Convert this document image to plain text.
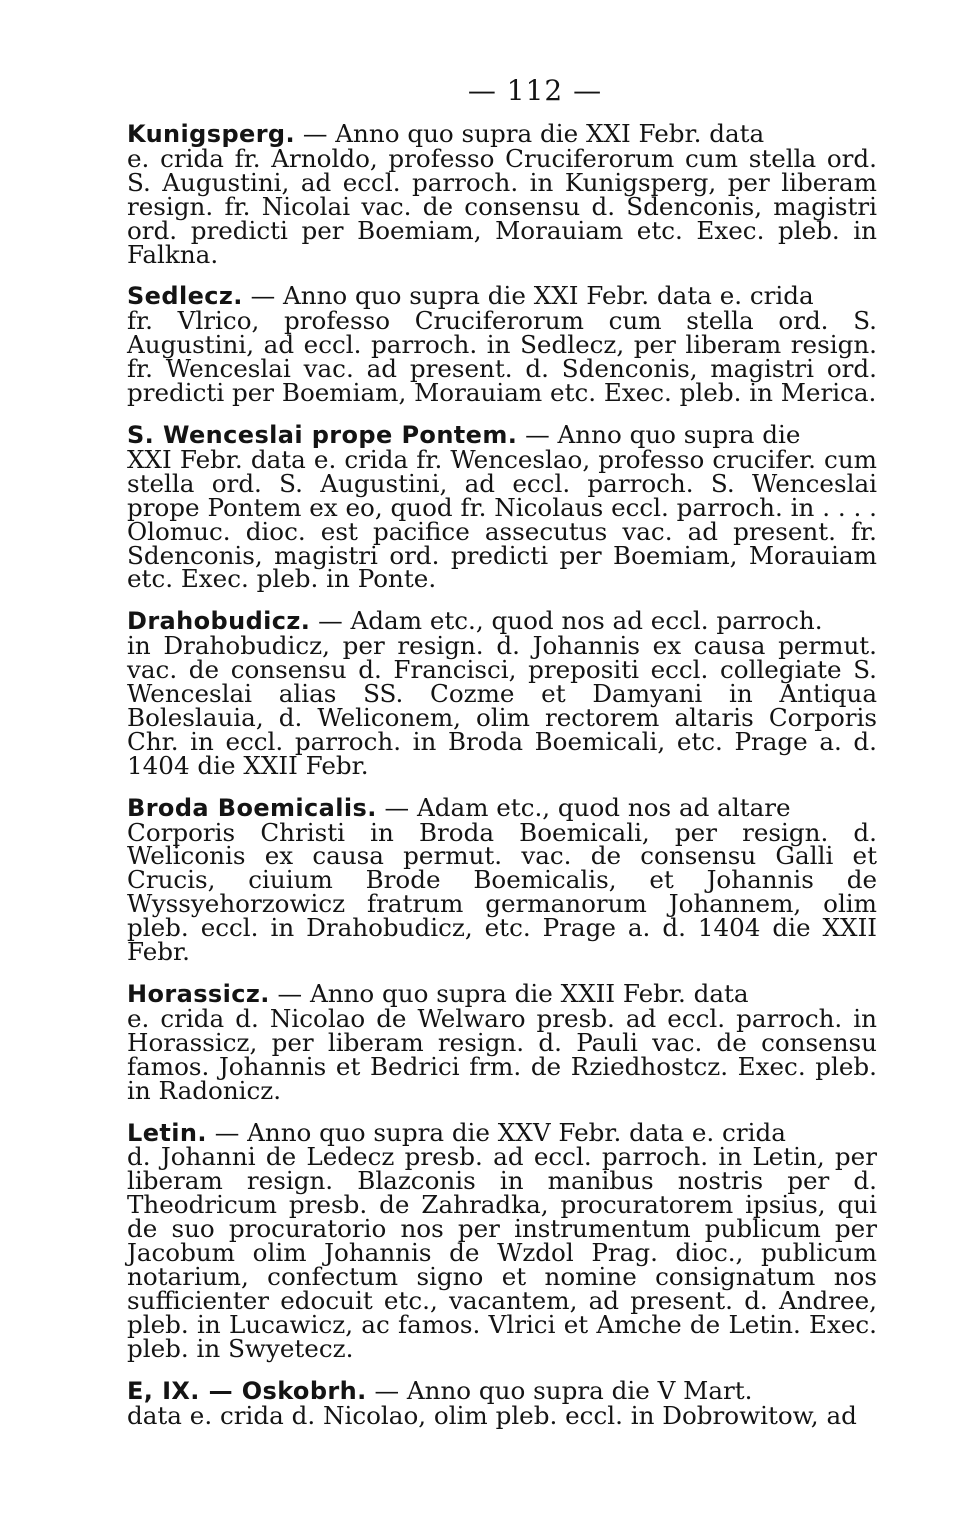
— 112 —

Kunigsperg. — Anno quo supra die XXI Febr. data
e. crida fr. Arnoldo, professo Cruciferorum cum stella ord. S. Augustini, ad eccl. parroch. in Kunigsperg, per liberam resign. fr. Nicolai vac. de consensu d. Sdenconis, magistri ord. predicti per Boemiam, Morauiam etc. Exec. pleb. in Falkna.

Sedlecz. — Anno quo supra die XXI Febr. data e. crida
fr. Vlrico, professo Cruciferorum cum stella ord. S. Augustini, ad eccl. parroch. in Sedlecz, per liberam resign. fr. Wenceslai vac. ad present. d. Sdenconis, magistri ord. predicti per Boemiam, Morauiam etc. Exec. pleb. in Merica.

S. Wenceslai prope Pontem. — Anno quo supra die
XXI Febr. data e. crida fr. Wenceslao, professo crucifer. cum stella ord. S. Augustini, ad eccl. parroch. S. Wenceslai prope Pontem ex eo, quod fr. Nicolaus eccl. parroch. in . . . . Olomuc. dioc. est pacifice assecutus vac. ad present. fr. Sdenconis, magistri ord. predicti per Boemiam, Morauiam etc. Exec. pleb. in Ponte.

Drahobudicz. — Adam etc., quod nos ad eccl. parroch.
in Drahobudicz, per resign. d. Johannis ex causa permut. vac. de consensu d. Francisci, prepositi eccl. collegiate S. Wenceslai alias SS. Cozme et Damyani in Antiqua Boleslauia, d. Weliconem, olim rectorem altaris Corporis Chr. in eccl. parroch. in Broda Boemicali, etc. Prage a. d. 1404 die XXII Febr.

Broda Boemicalis. — Adam etc., quod nos ad altare
Corporis Christi in Broda Boemicali, per resign. d. Weliconis ex causa permut. vac. de consensu Galli et Crucis, ciuium Brode Boemicalis, et Johannis de Wyssyehorzowicz fratrum germanorum Johannem, olim pleb. eccl. in Drahobudicz, etc. Prage a. d. 1404 die XXII Febr.

Horassicz. — Anno quo supra die XXII Febr. data
e. crida d. Nicolao de Welwaro presb. ad eccl. parroch. in Horassicz, per liberam resign. d. Pauli vac. de consensu famos. Johannis et Bedrici frm. de Rziedhostcz. Exec. pleb. in Radonicz.

Letin. — Anno quo supra die XXV Febr. data e. crida
d. Johanni de Ledecz presb. ad eccl. parroch. in Letin, per liberam resign. Blazconis in manibus nostris per d. Theodricum presb. de Zahradka, procuratorem ipsius, qui de suo procuratorio nos per instrumentum publicum per Jacobum olim Johannis de Wzdol Prag. dioc., publicum notarium, confectum signo et nomine consignatum nos sufficienter edocuit etc., vacantem, ad present. d. Andree, pleb. in Lucawicz, ac famos. Vlrici et Amche de Letin. Exec. pleb. in Swyetecz.

E, IX. — Oskobrh. — Anno quo supra die V Mart.
data e. crida d. Nicolao, olim pleb. eccl. in Dobrowitow, ad
